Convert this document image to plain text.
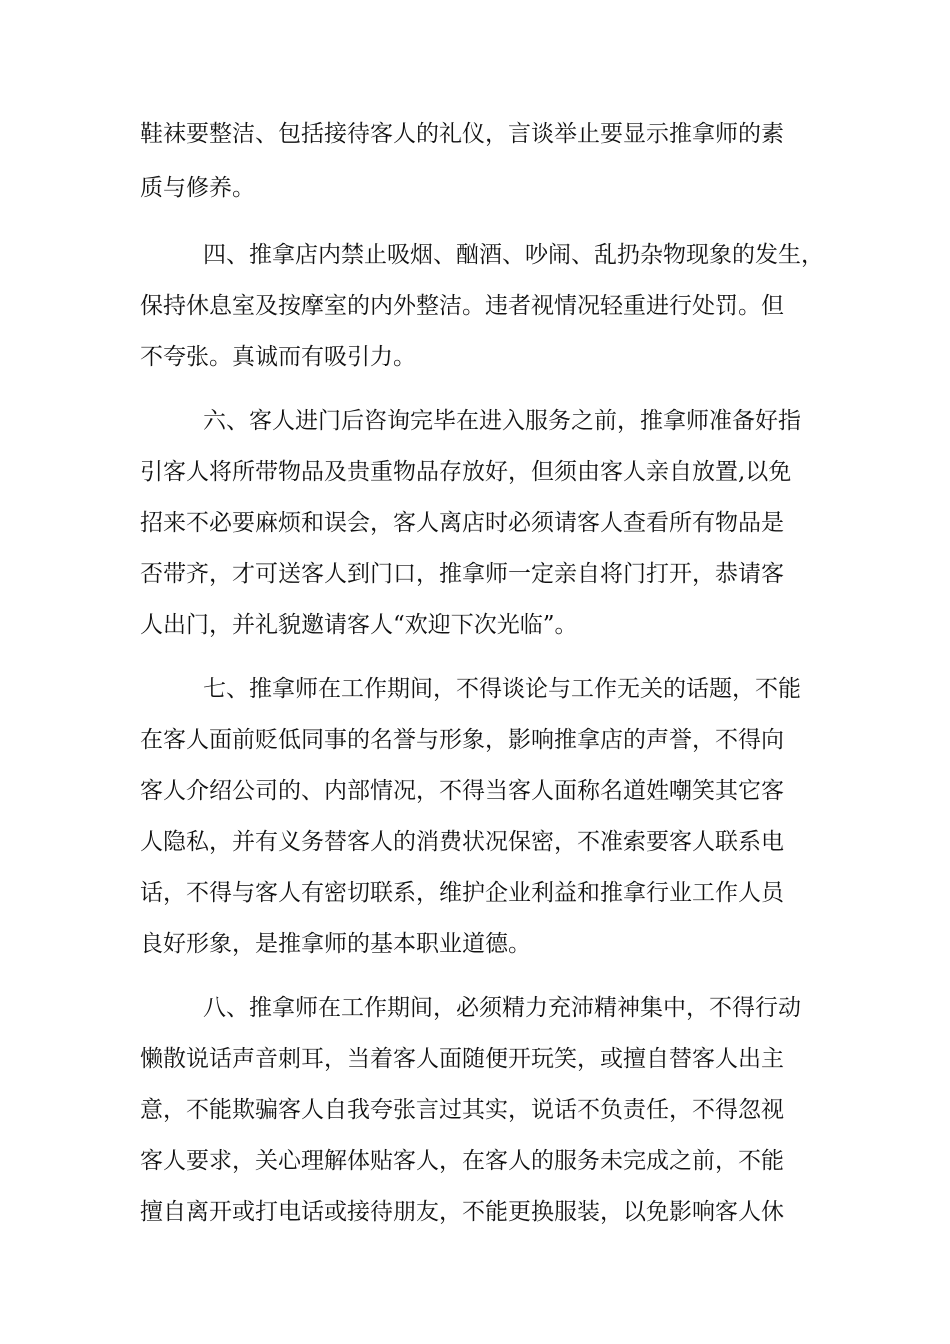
鞋袜要整洁、包括接待客人的礼仪，言谈举止要显示推拿师的素

质与修养。

四、推拿店内禁止吸烟、酗酒、吵闹、乱扔杂物现象的发生，

保持休息室及按摩室的内外整洁。违者视情况轻重进行处罚。但

不夸张。真诚而有吸引力。

六、客人进门后咨询完毕在进入服务之前，推拿师准备好指

引客人将所带物品及贵重物品存放好，但须由客人亲自放置,以免

招来不必要麻烦和误会，客人离店时必须请客人查看所有物品是

否带齐，才可送客人到门口，推拿师一定亲自将门打开，恭请客

人出门，并礼貌邀请客人“欢迎下次光临”。

七、推拿师在工作期间，不得谈论与工作无关的话题，不能

在客人面前贬低同事的名誉与形象，影响推拿店的声誉，不得向

客人介绍公司的、内部情况，不得当客人面称名道姓嘲笑其它客

人隐私，并有义务替客人的消费状况保密，不准索要客人联系电

话，不得与客人有密切联系，维护企业利益和推拿行业工作人员

良好形象，是推拿师的基本职业道德。

八、推拿师在工作期间，必须精力充沛精神集中，不得行动

懒散说话声音刺耳，当着客人面随便开玩笑，或擅自替客人出主

意，不能欺骗客人自我夸张言过其实，说话不负责任，不得忽视

客人要求，关心理解体贴客人，在客人的服务未完成之前，不能

擅自离开或打电话或接待朋友，不能更换服装，以免影响客人休
